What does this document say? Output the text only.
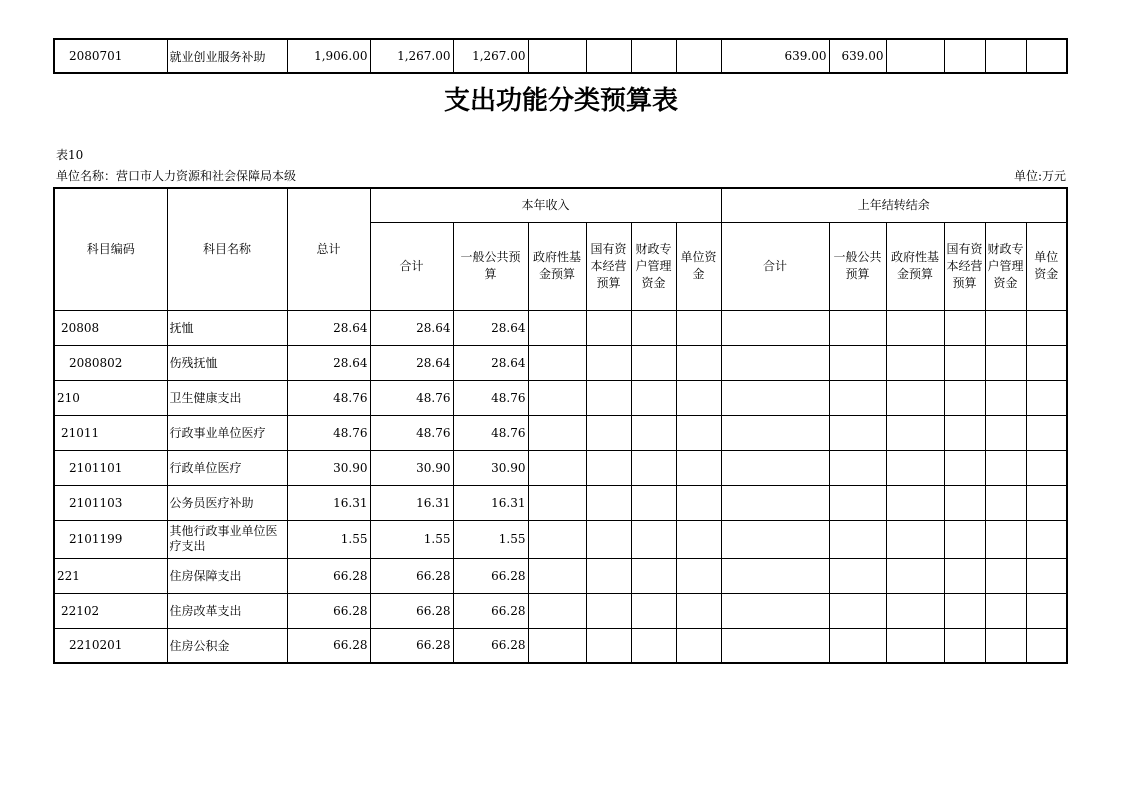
2080701	就业创业服务补助	1,906.00	1,267.00	1,267.00					639.00	639.00				
支出功能分类预算表
表10
单位名称：营口市人力资源和社会保障局本级	单位:万元
科目编码	科目名称	总计	本年收入						上年结转结余					
			合计	一般公共预算	政府性基金预算	国有资本经营预算	财政专户管理资金	单位资金	合计	一般公共预算	政府性基金预算	国有资本经营预算	财政专户管理资金	单位资金
20808	抚恤	28.64	28.64	28.64										
2080802	伤残抚恤	28.64	28.64	28.64										
210	卫生健康支出	48.76	48.76	48.76										
21011	行政事业单位医疗	48.76	48.76	48.76										
2101101	行政单位医疗	30.90	30.90	30.90										
2101103	公务员医疗补助	16.31	16.31	16.31										
2101199	其他行政事业单位医疗支出	1.55	1.55	1.55										
221	住房保障支出	66.28	66.28	66.28										
22102	住房改革支出	66.28	66.28	66.28										
2210201	住房公积金	66.28	66.28	66.28										
